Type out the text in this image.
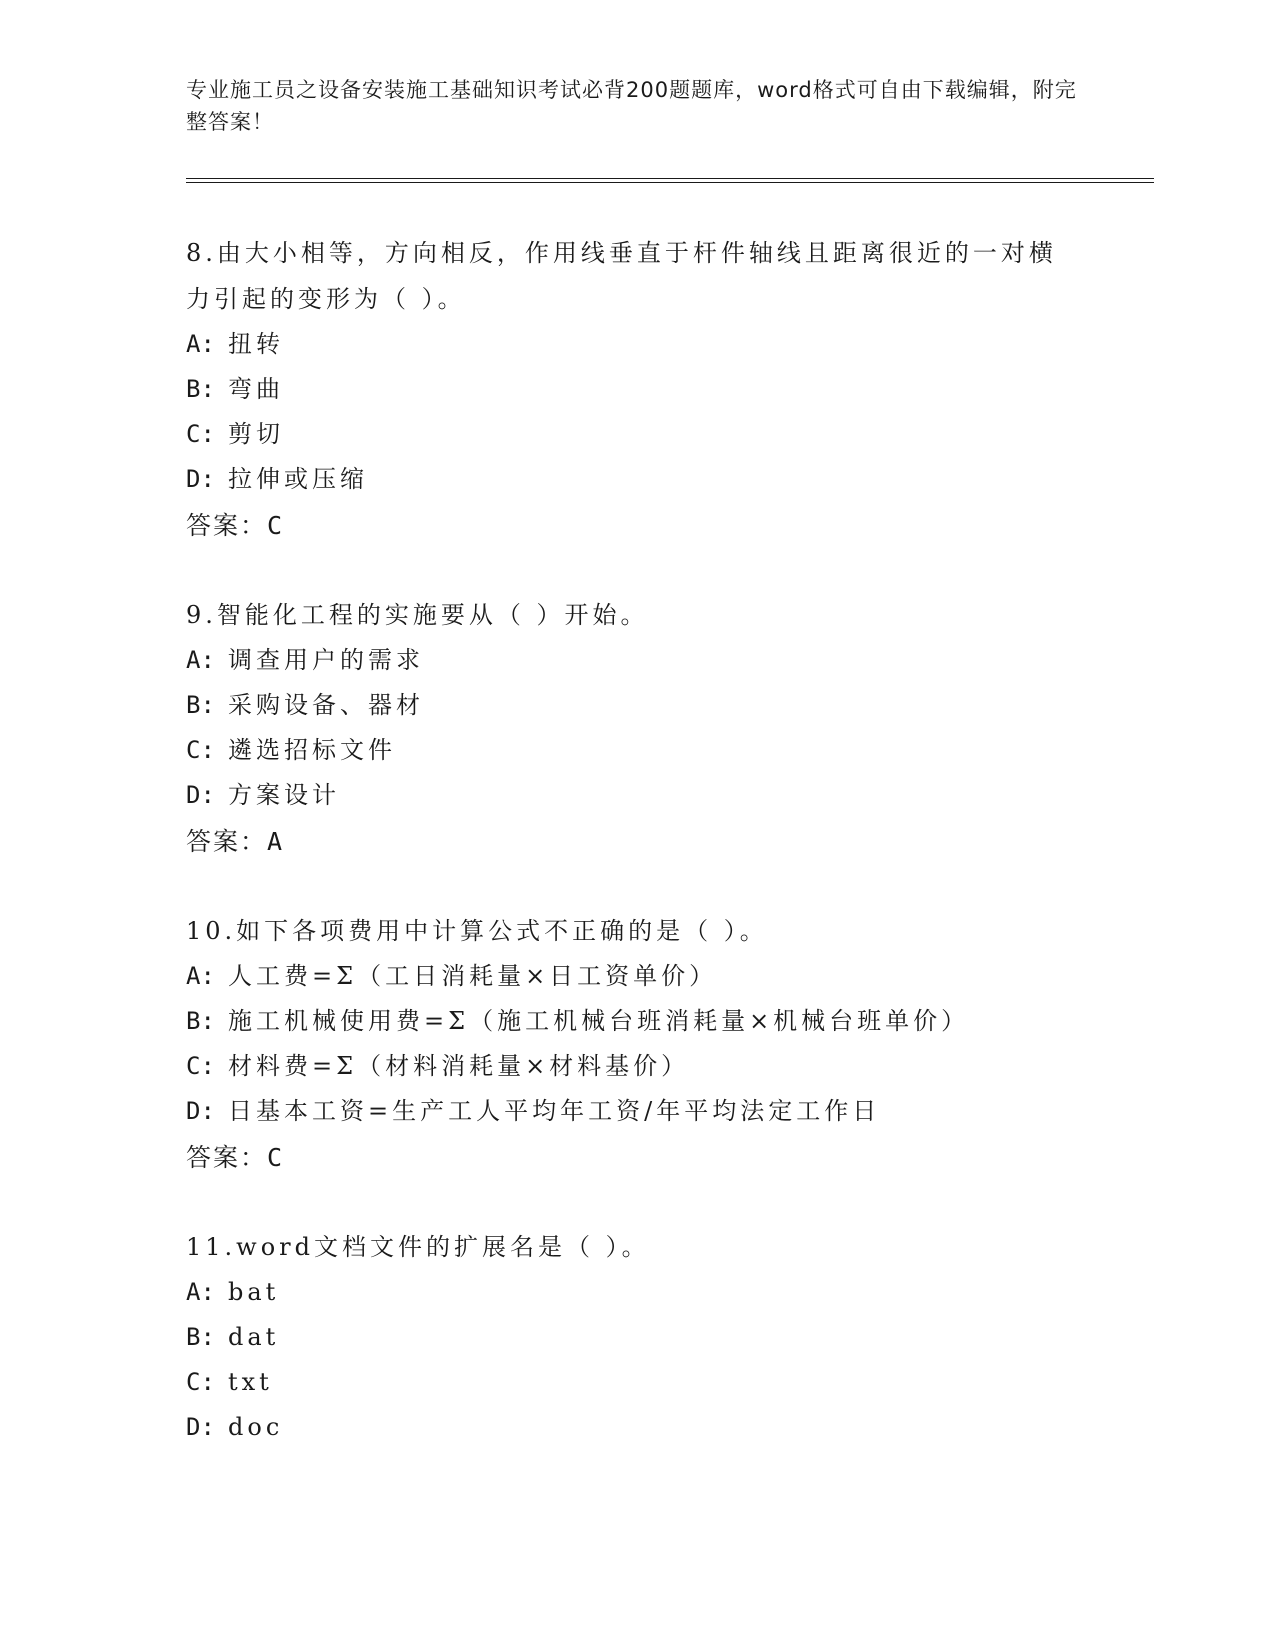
专业施工员之设备安装施工基础知识考试必背200题题库，word格式可自由下载编辑，附完整答案！
8.由大小相等，方向相反，作用线垂直于杆件轴线且距离很近的一对横力引起的变形为（ ）。
A: 扭转
B: 弯曲
C: 剪切
D: 拉伸或压缩
答案：C
9.智能化工程的实施要从（ ）开始。
A: 调查用户的需求
B: 采购设备、器材
C: 遴选招标文件
D: 方案设计
答案：A
10.如下各项费用中计算公式不正确的是（ ）。
A: 人工费=Σ（工日消耗量×日工资单价）
B: 施工机械使用费=Σ（施工机械台班消耗量×机械台班单价）
C: 材料费=Σ（材料消耗量×材料基价）
D: 日基本工资=生产工人平均年工资/年平均法定工作日
答案：C
11.word文档文件的扩展名是（ ）。
A: bat
B: dat
C: txt
D: doc
